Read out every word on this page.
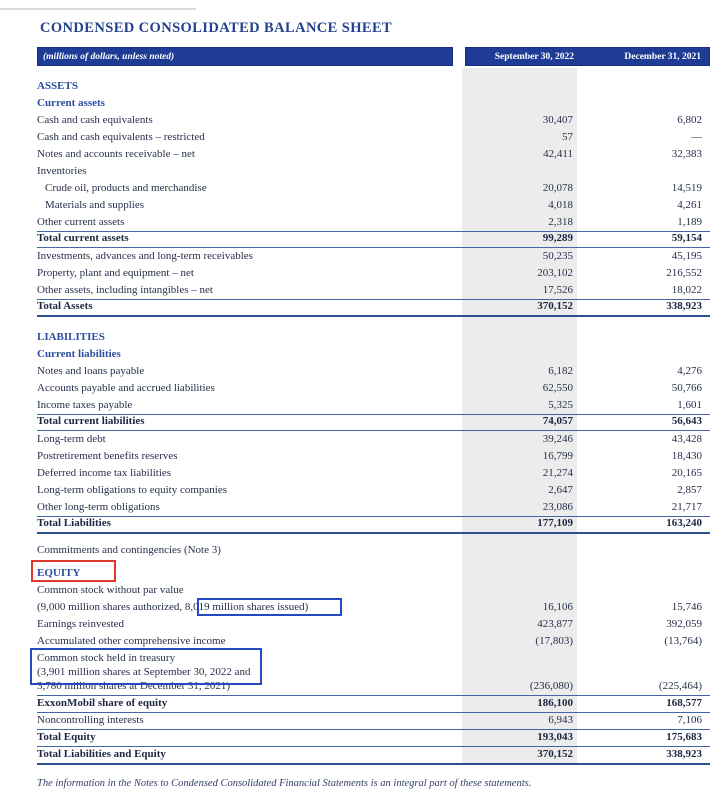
CONDENSED CONSOLIDATED BALANCE SHEET
(millions of dollars, unless noted)	September 30, 2022	December 31, 2021
ASSETS
Current assets
Cash and cash equivalents	30,407	6,802
Cash and cash equivalents – restricted	57	—
Notes and accounts receivable – net	42,411	32,383
Inventories
Crude oil, products and merchandise	20,078	14,519
Materials and supplies	4,018	4,261
Other current assets	2,318	1,189
Total current assets	99,289	59,154
Investments, advances and long-term receivables	50,235	45,195
Property, plant and equipment – net	203,102	216,552
Other assets, including intangibles – net	17,526	18,022
Total Assets	370,152	338,923
LIABILITIES
Current liabilities
Notes and loans payable	6,182	4,276
Accounts payable and accrued liabilities	62,550	50,766
Income taxes payable	5,325	1,601
Total current liabilities	74,057	56,643
Long-term debt	39,246	43,428
Postretirement benefits reserves	16,799	18,430
Deferred income tax liabilities	21,274	20,165
Long-term obligations to equity companies	2,647	2,857
Other long-term obligations	23,086	21,717
Total Liabilities	177,109	163,240
Commitments and contingencies (Note 3)
EQUITY
Common stock without par value
(9,000 million shares authorized, 8,019 million shares issued)	16,106	15,746
Earnings reinvested	423,877	392,059
Accumulated other comprehensive income	(17,803)	(13,764)
Common stock held in treasury
(3,901 million shares at September 30, 2022 and
3,780 million shares at December 31, 2021)	(236,080)	(225,464)
ExxonMobil share of equity	186,100	168,577
Noncontrolling interests	6,943	7,106
Total Equity	193,043	175,683
Total Liabilities and Equity	370,152	338,923
The information in the Notes to Condensed Consolidated Financial Statements is an integral part of these statements.
